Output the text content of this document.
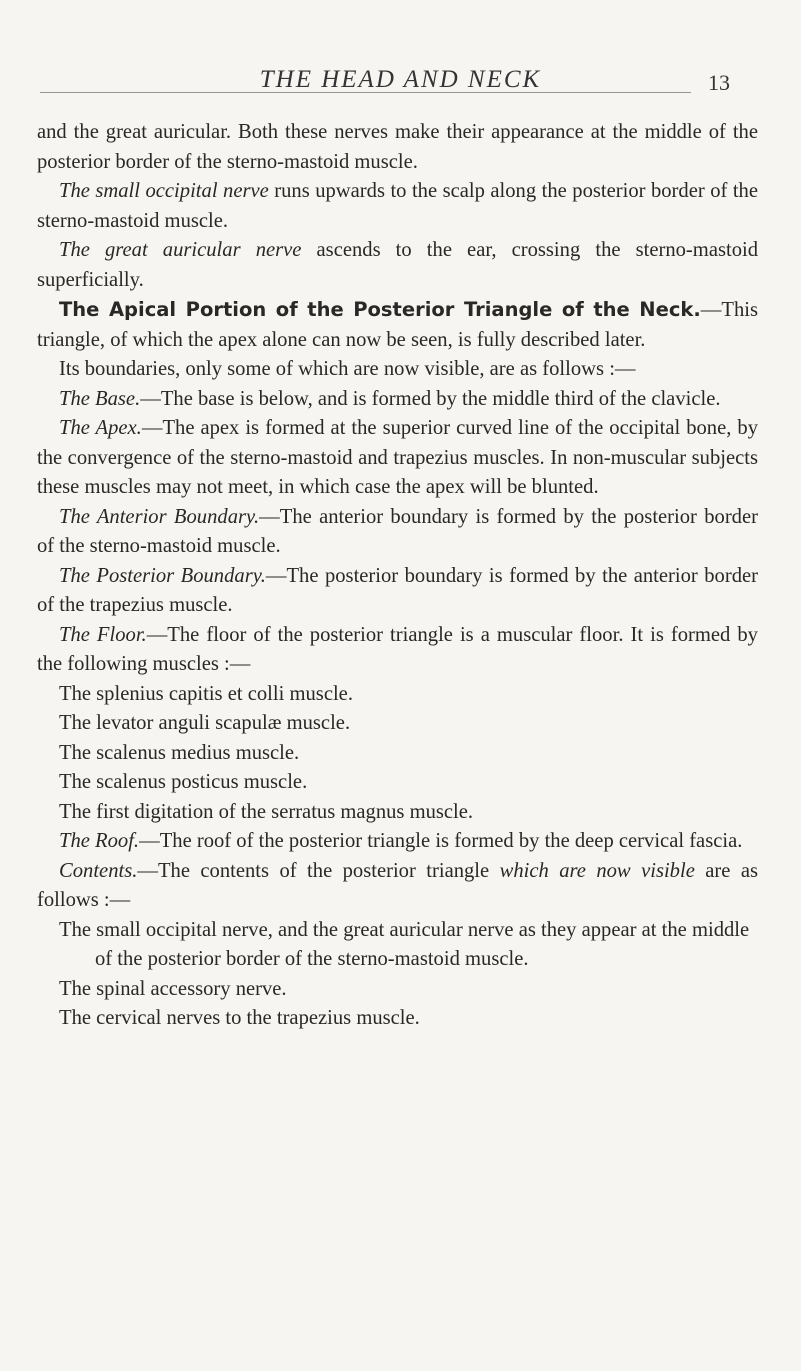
THE HEAD AND NECK	13

and the great auricular. Both these nerves make their appearance at the middle of the posterior border of the sterno-mastoid muscle.

The small occipital nerve runs upwards to the scalp along the posterior border of the sterno-mastoid muscle.

The great auricular nerve ascends to the ear, crossing the sterno-mastoid superficially.

The Apical Portion of the Posterior Triangle of the Neck.—This triangle, of which the apex alone can now be seen, is fully described later.

Its boundaries, only some of which are now visible, are as follows :—

The Base.—The base is below, and is formed by the middle third of the clavicle.

The Apex.—The apex is formed at the superior curved line of the occipital bone, by the convergence of the sterno-mastoid and trapezius muscles. In non-muscular subjects these muscles may not meet, in which case the apex will be blunted.

The Anterior Boundary.—The anterior boundary is formed by the posterior border of the sterno-mastoid muscle.

The Posterior Boundary.—The posterior boundary is formed by the anterior border of the trapezius muscle.

The Floor.—The floor of the posterior triangle is a muscular floor. It is formed by the following muscles :—

The splenius capitis et colli muscle.

The levator anguli scapulæ muscle.

The scalenus medius muscle.

The scalenus posticus muscle.

The first digitation of the serratus magnus muscle.

The Roof.—The roof of the posterior triangle is formed by the deep cervical fascia.

Contents.—The contents of the posterior triangle which are now visible are as follows :—

The small occipital nerve, and the great auricular nerve as they appear at the middle of the posterior border of the sterno-mastoid muscle.

The spinal accessory nerve.

The cervical nerves to the trapezius muscle.
